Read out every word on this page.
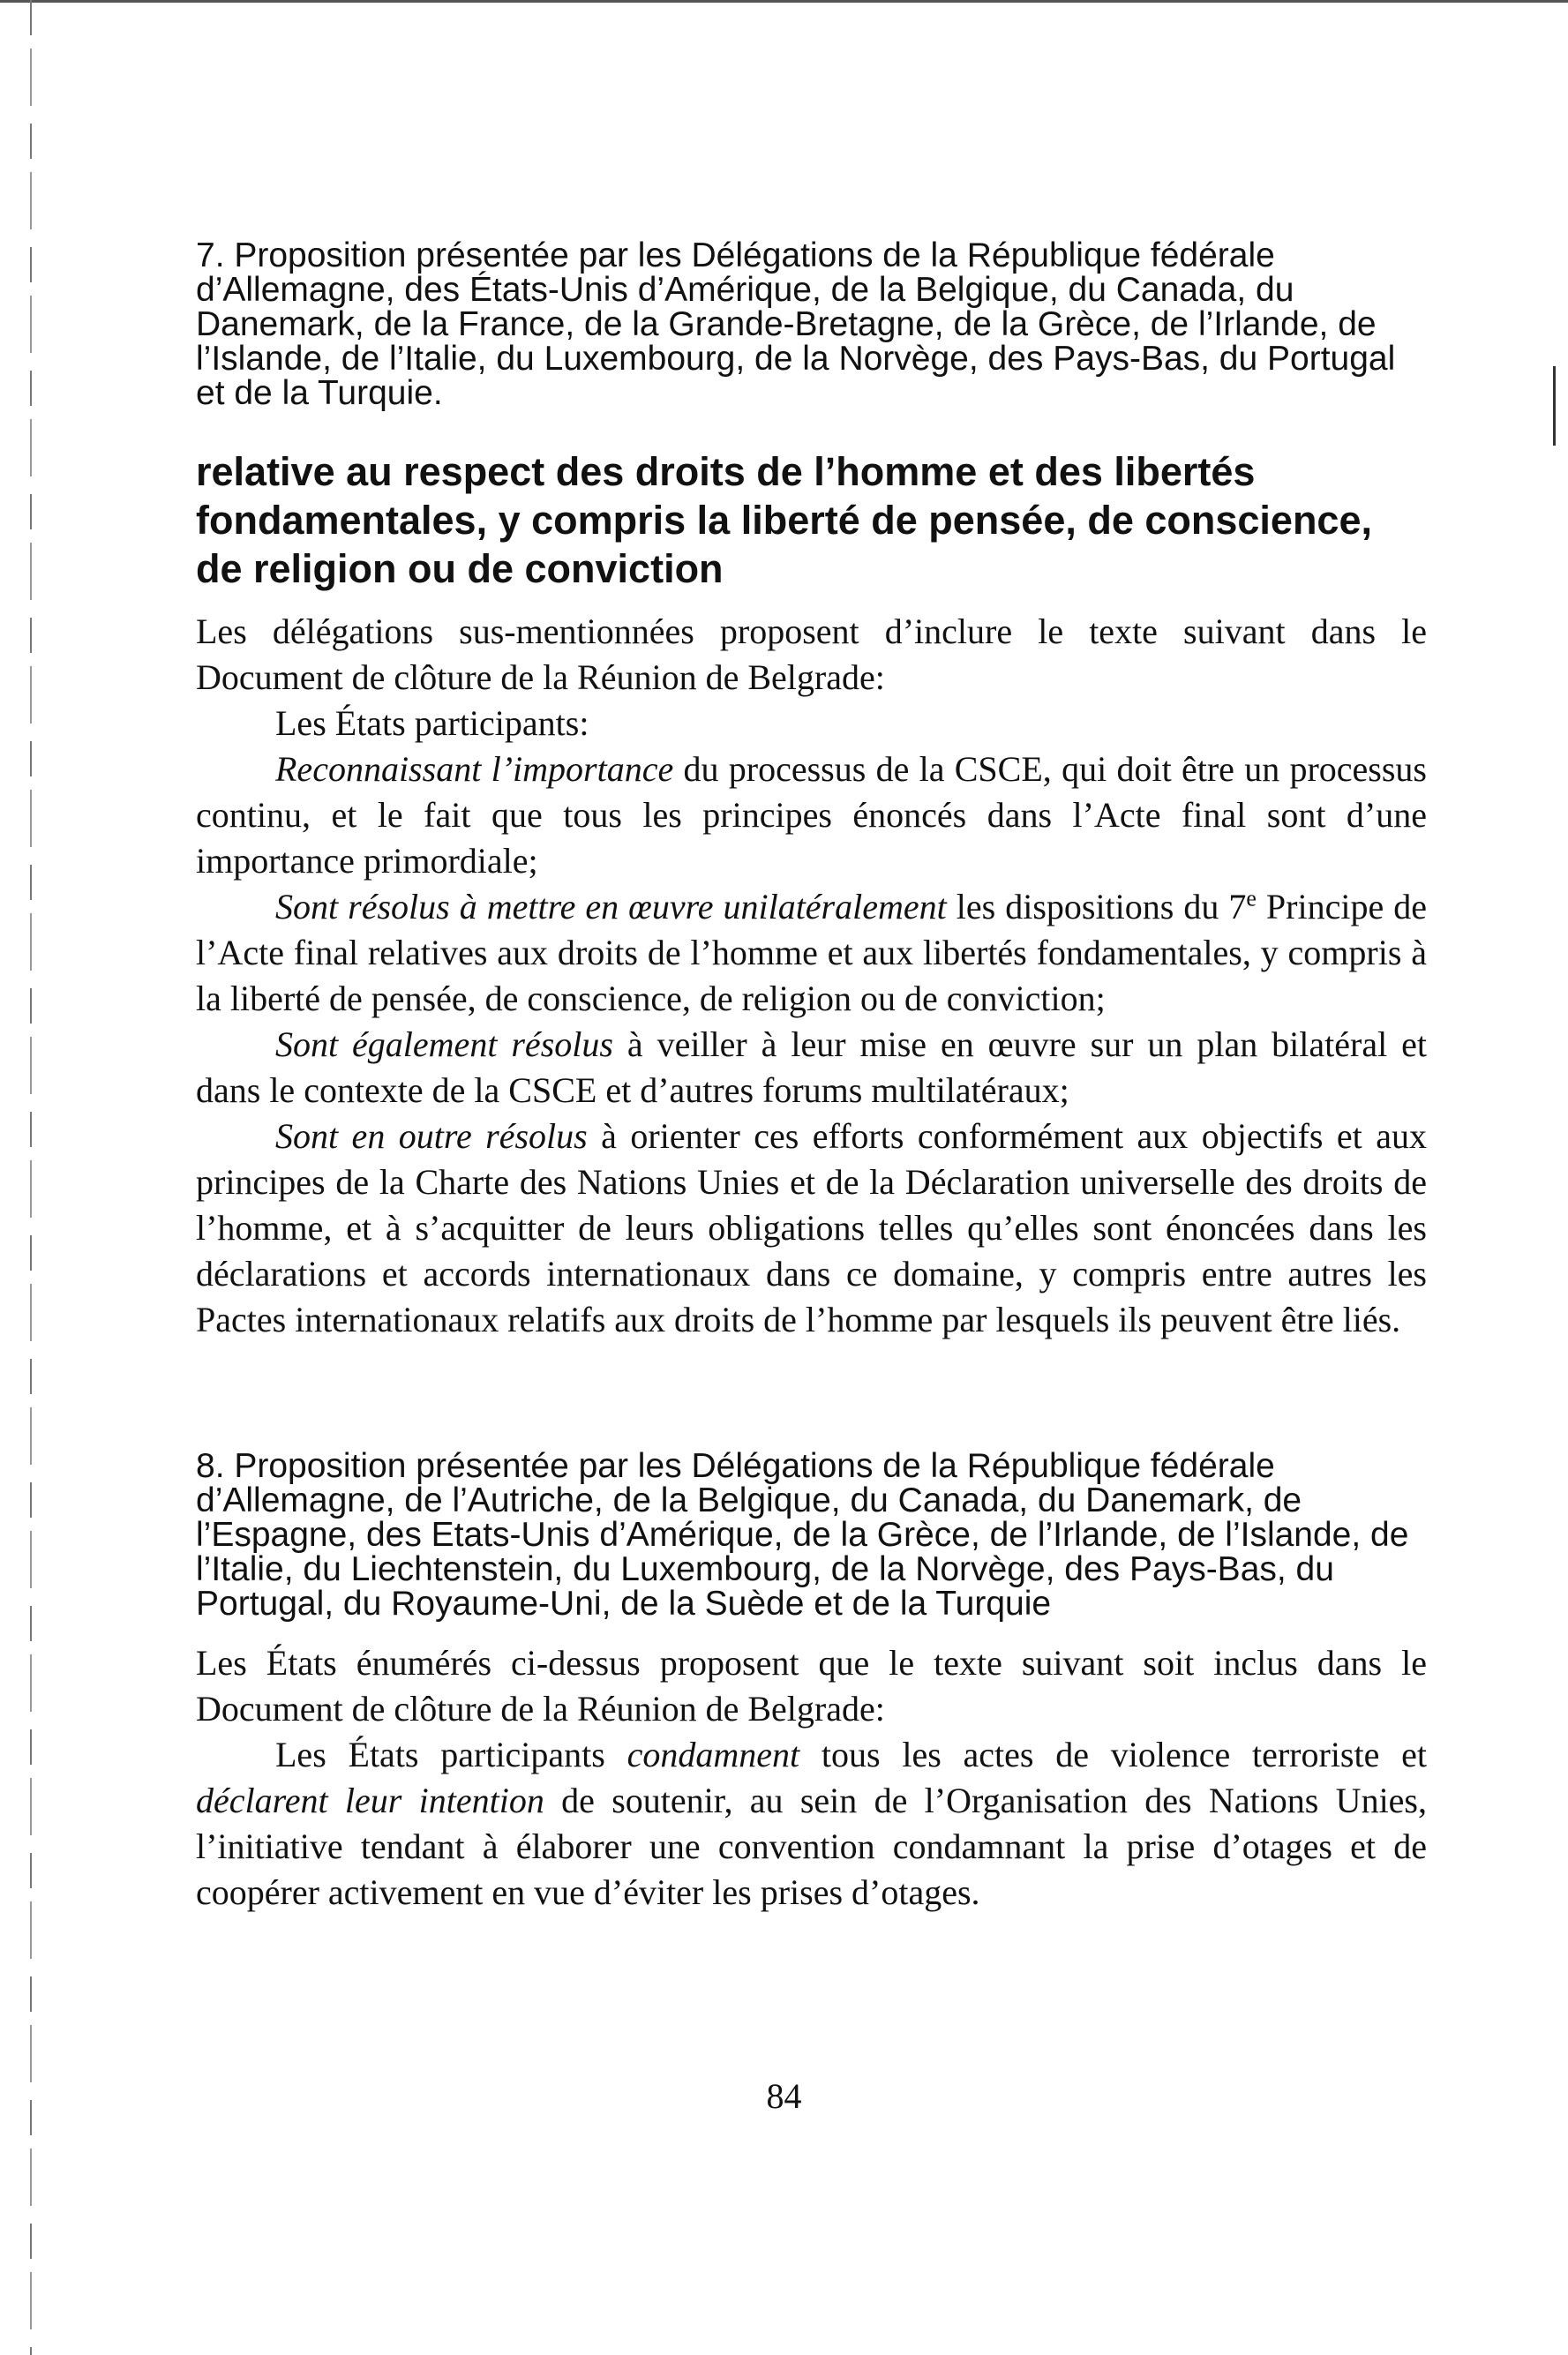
7. Proposition présentée par les Délégations de la République fédérale d’Allemagne, des États-Unis d’Amérique, de la Belgique, du Canada, du Danemark, de la France, de la Grande-Bretagne, de la Grèce, de l’Irlande, de l’Islande, de l’Italie, du Luxembourg, de la Norvège, des Pays-Bas, du Portugal et de la Turquie.

relative au respect des droits de l’homme et des libertés fondamentales, y compris la liberté de pensée, de conscience, de religion ou de conviction

Les délégations sus-mentionnées proposent d’inclure le texte suivant dans le Document de clôture de la Réunion de Belgrade:

Les États participants:

Reconnaissant l’importance du processus de la CSCE, qui doit être un processus continu, et le fait que tous les principes énoncés dans l’Acte final sont d’une importance primordiale;

Sont résolus à mettre en œuvre unilatéralement les dispositions du 7e Principe de l’Acte final relatives aux droits de l’homme et aux libertés fondamentales, y compris à la liberté de pensée, de conscience, de religion ou de conviction;

Sont également résolus à veiller à leur mise en œuvre sur un plan bilatéral et dans le contexte de la CSCE et d’autres forums multilatéraux;

Sont en outre résolus à orienter ces efforts conformément aux objectifs et aux principes de la Charte des Nations Unies et de la Déclaration universelle des droits de l’homme, et à s’acquitter de leurs obligations telles qu’elles sont énoncées dans les déclarations et accords internationaux dans ce domaine, y compris entre autres les Pactes internationaux relatifs aux droits de l’homme par lesquels ils peuvent être liés.

8. Proposition présentée par les Délégations de la République fédérale d’Allemagne, de l’Autriche, de la Belgique, du Canada, du Danemark, de l’Espagne, des Etats-Unis d’Amérique, de la Grèce, de l’Irlande, de l’Islande, de l’Italie, du Liechtenstein, du Luxembourg, de la Norvège, des Pays-Bas, du Portugal, du Royaume-Uni, de la Suède et de la Turquie

Les États énumérés ci-dessus proposent que le texte suivant soit inclus dans le Document de clôture de la Réunion de Belgrade:

Les États participants condamnent tous les actes de violence terroriste et déclarent leur intention de soutenir, au sein de l’Organisation des Nations Unies, l’initiative tendant à élaborer une convention condamnant la prise d’otages et de coopérer activement en vue d’éviter les prises d’otages.

84
